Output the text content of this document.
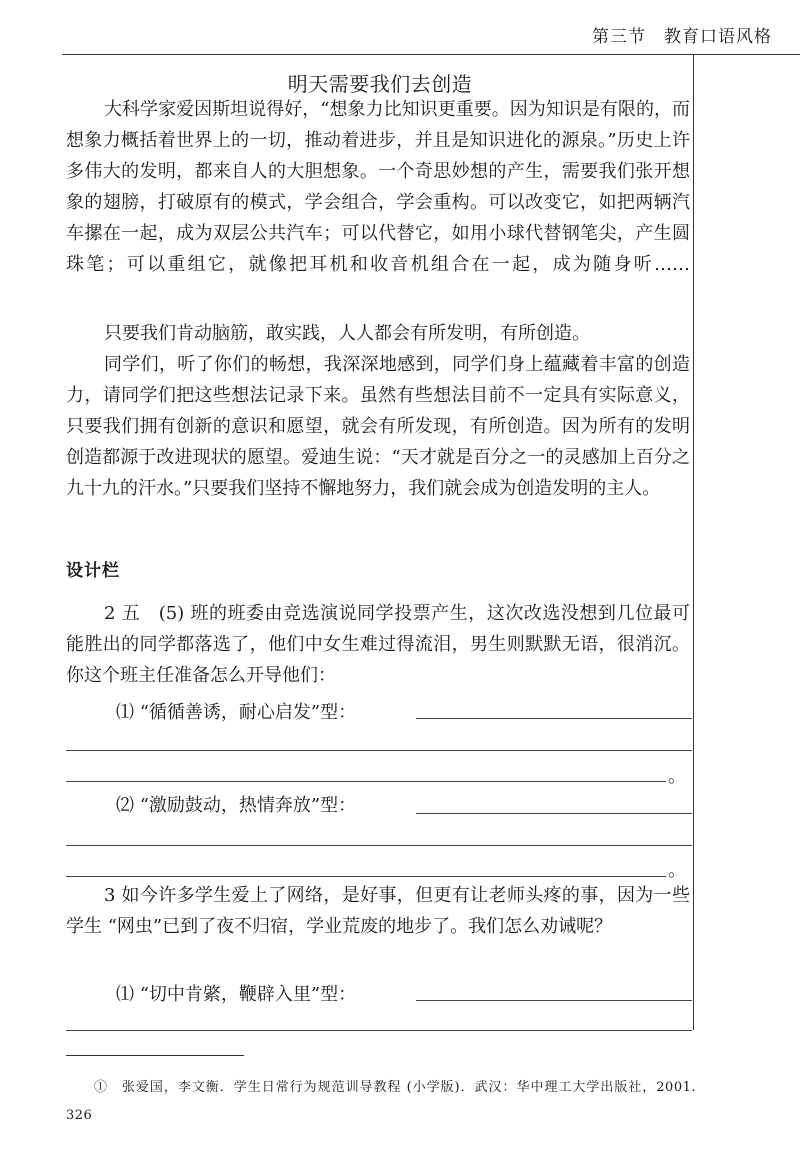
第三节　教育口语风格
明天需要我们去创造

大科学家爱因斯坦说得好，“想象力比知识更重要。因为知识是有限的，而想象力概括着世界上的一切，推动着进步，并且是知识进化的源泉。”历史上许多伟大的发明，都来自人的大胆想象。一个奇思妙想的产生，需要我们张开想象的翅膀，打破原有的模式，学会组合，学会重构。可以改变它，如把两辆汽车摞在一起，成为双层公共汽车；可以代替它，如用小球代替钢笔尖，产生圆珠笔；可以重组它，就像把耳机和收音机组合在一起，成为随身听……

只要我们肯动脑筋，敢实践，人人都会有所发明，有所创造。

同学们，听了你们的畅想，我深深地感到，同学们身上蕴藏着丰富的创造力，请同学们把这些想法记录下来。虽然有些想法目前不一定具有实际意义，只要我们拥有创新的意识和愿望，就会有所发现，有所创造。因为所有的发明创造都源于改进现状的愿望。爱迪生说：“天才就是百分之一的灵感加上百分之九十九的汗水。”只要我们坚持不懈地努力，我们就会成为创造发明的主人。

设计栏

2 五　(5) 班的班委由竞选演说同学投票产生，这次改选没想到几位最可能胜出的同学都落选了，他们中女生难过得流泪，男生则默默无语，很消沉。你这个班主任准备怎么开导他们：

⑴ “循循善诱，耐心启发”型：
。
⑵ “激励鼓动，热情奔放”型：
。

3 如今许多学生爱上了网络，是好事，但更有让老师头疼的事，因为一些学生 “网虫”已到了夜不归宿，学业荒废的地步了。我们怎么劝诫呢？

⑴ “切中肯綮，鞭辟入里”型：

①　张爱国，李文衡．学生日常行为规范训导教程 (小学版)．武汉：华中理工大学出版社，2001. 326
